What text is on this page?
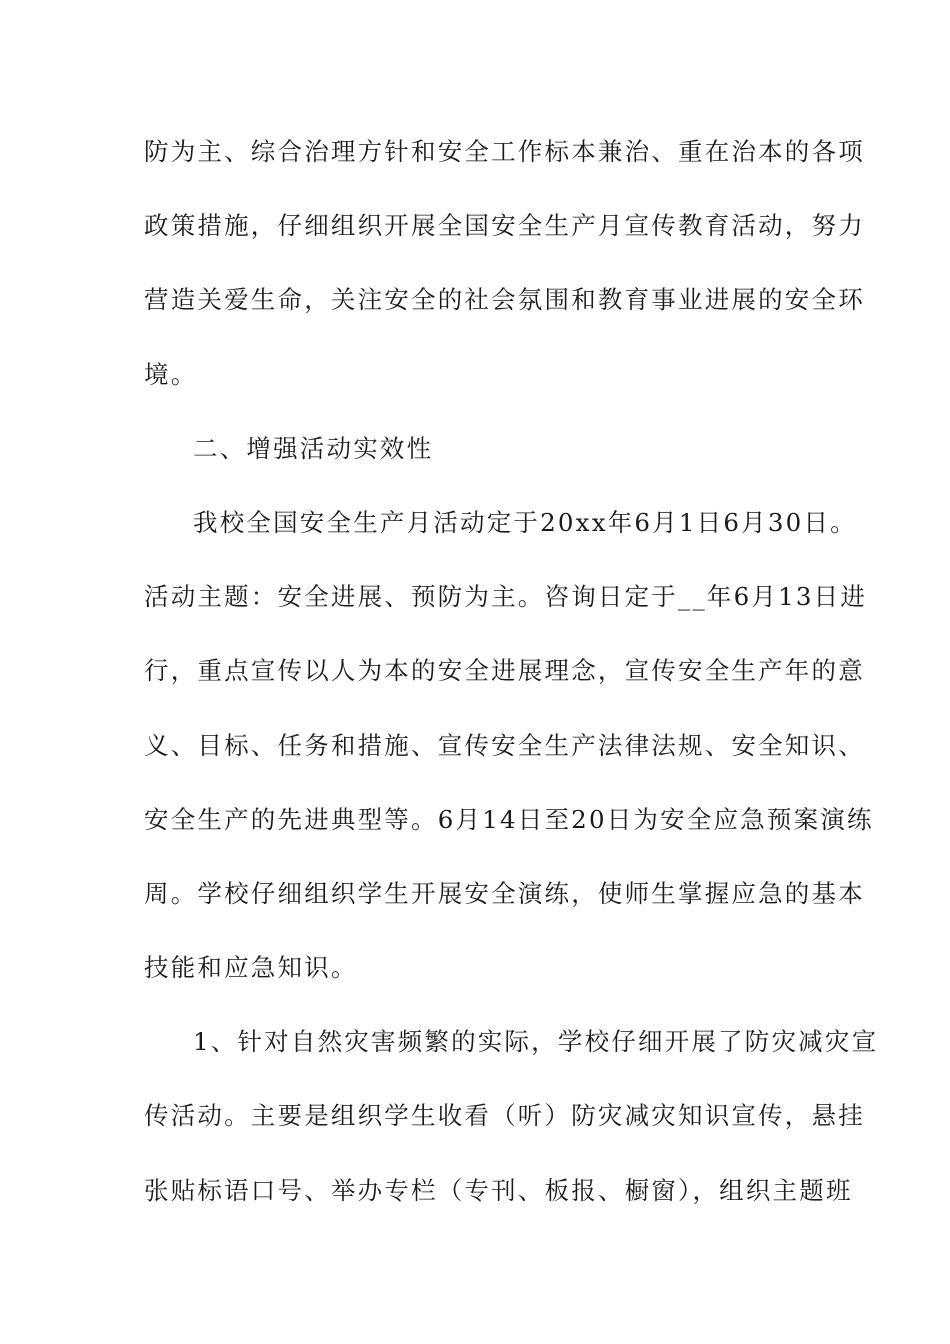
防为主、综合治理方针和安全工作标本兼治、重在治本的各项
政策措施，仔细组织开展全国安全生产月宣传教育活动，努力
营造关爱生命，关注安全的社会氛围和教育事业进展的安全环
境。
二、增强活动实效性
我校全国安全生产月活动定于20xx年6月1日6月30日。
活动主题：安全进展、预防为主。咨询日定于__年6月13日进
行，重点宣传以人为本的安全进展理念，宣传安全生产年的意
义、目标、任务和措施、宣传安全生产法律法规、安全知识、
安全生产的先进典型等。6月14日至20日为安全应急预案演练
周。学校仔细组织学生开展安全演练，使师生掌握应急的基本
技能和应急知识。
1、针对自然灾害频繁的实际，学校仔细开展了防灾减灾宣
传活动。主要是组织学生收看（听）防灾减灾知识宣传，悬挂
张贴标语口号、举办专栏（专刊、板报、橱窗），组织主题班
